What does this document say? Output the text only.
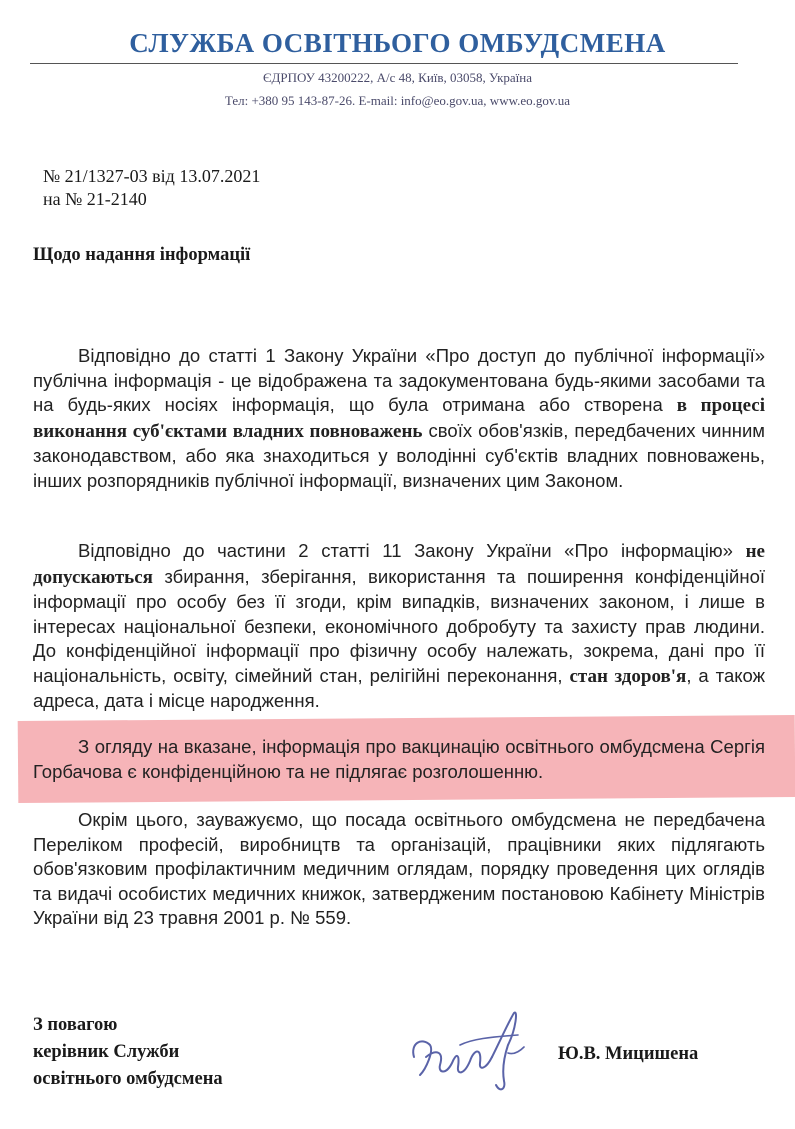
СЛУЖБА ОСВІТНЬОГО ОМБУДСМЕНА
ЄДРПОУ 43200222, А/с 48, Київ, 03058, Україна
Тел: +380 95 143-87-26. E-mail: info@eo.gov.ua, www.eo.gov.ua
№ 21/1327-03 від 13.07.2021
на № 21-2140
Щодо надання інформації
Відповідно до статті 1 Закону України «Про доступ до публічної інформації» публічна інформація - це відображена та задокументована будь-якими засобами та на будь-яких носіях інформація, що була отримана або створена в процесі виконання суб'єктами владних повноважень своїх обов'язків, передбачених чинним законодавством, або яка знаходиться у володінні суб'єктів владних повноважень, інших розпорядників публічної інформації, визначених цим Законом.
Відповідно до частини 2 статті 11 Закону України «Про інформацію» не допускаються збирання, зберігання, використання та поширення конфіденційної інформації про особу без її згоди, крім випадків, визначених законом, і лише в інтересах національної безпеки, економічного добробуту та захисту прав людини. До конфіденційної інформації про фізичну особу належать, зокрема, дані про її національність, освіту, сімейний стан, релігійні переконання, стан здоров'я, а також адреса, дата і місце народження.
З огляду на вказане, інформація про вакцинацію освітнього омбудсмена Сергія Горбачова є конфіденційною та не підлягає розголошенню.
Окрім цього, зауважуємо, що посада освітнього омбудсмена не передбачена Переліком професій, виробництв та організацій, працівники яких підлягають обов'язковим профілактичним медичним оглядам, порядку проведення цих оглядів та видачі особистих медичних книжок, затвердженим постановою Кабінету Міністрів України від 23 травня 2001 р. № 559.
З повагою
керівник Служби
освітнього омбудсмена
Ю.В. Мицишена
